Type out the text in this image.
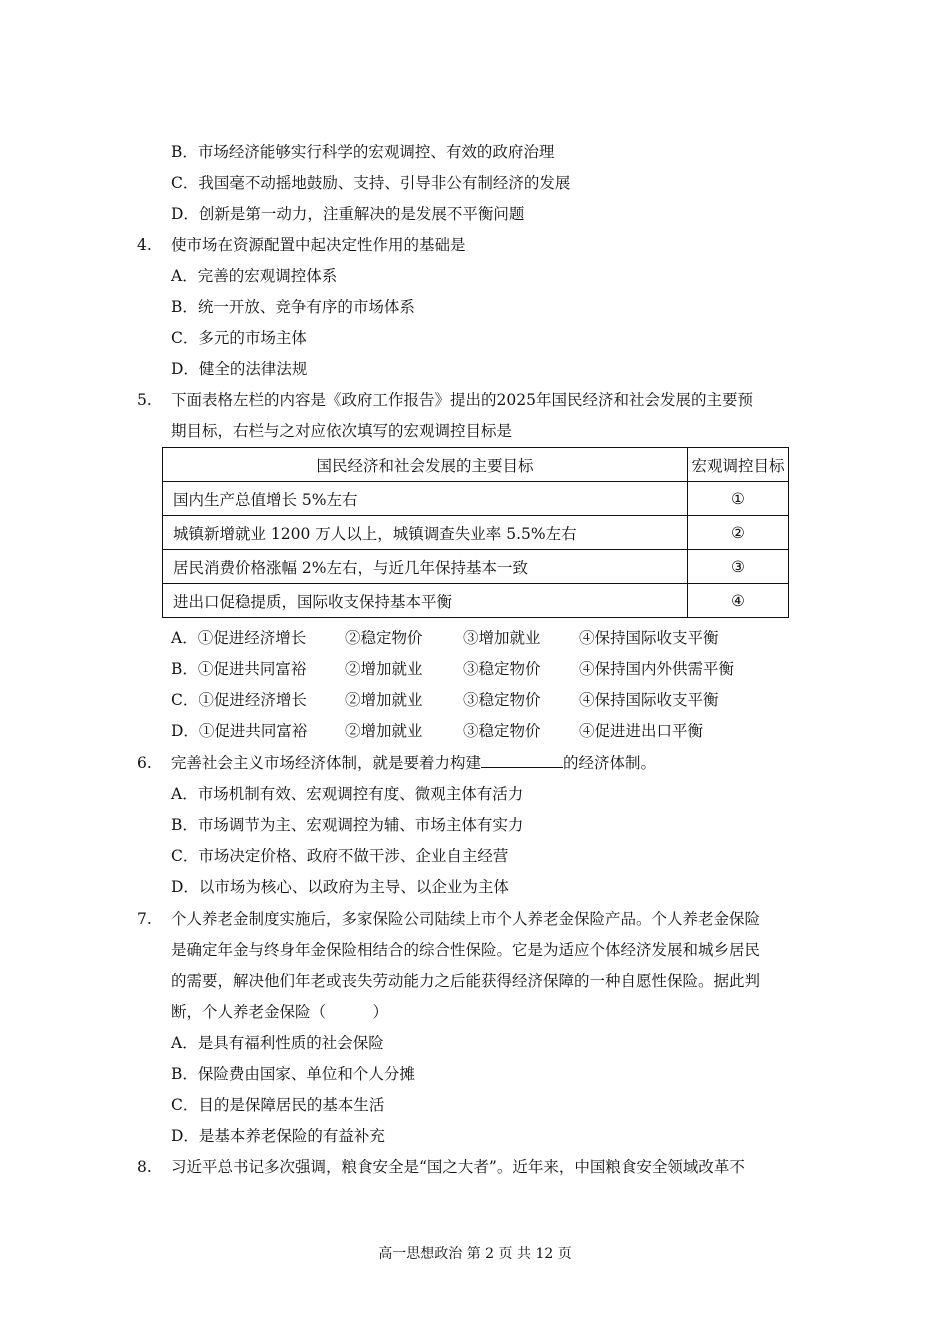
B．市场经济能够实行科学的宏观调控、有效的政府治理
C．我国毫不动摇地鼓励、支持、引导非公有制经济的发展
D．创新是第一动力，注重解决的是发展不平衡问题
4. 使市场在资源配置中起决定性作用的基础是
A．完善的宏观调控体系
B．统一开放、竞争有序的市场体系
C．多元的市场主体
D．健全的法律法规
5. 下面表格左栏的内容是《政府工作报告》提出的2025年国民经济和社会发展的主要预
期目标，右栏与之对应依次填写的宏观调控目标是
国民经济和社会发展的主要目标	宏观调控目标
国内生产总值增长 5%左右	①
城镇新增就业 1200 万人以上，城镇调查失业率 5.5%左右	②
居民消费价格涨幅 2%左右，与近几年保持基本一致	③
进出口促稳提质，国际收支保持基本平衡	④
A．①促进经济增长	②稳定物价	③增加就业 ④保持国际收支平衡
B．①促进共同富裕 ②增加就业	③稳定物价 ④保持国内外供需平衡
C．①促进经济增长 ②增加就业	③稳定物价 ④保持国际收支平衡
D．①促进共同富裕 ②增加就业	③稳定物价 ④促进进出口平衡
6. 完善社会主义市场经济体制，就是要着力构建	的经济体制。
A．市场机制有效、宏观调控有度、微观主体有活力
B．市场调节为主、宏观调控为辅、市场主体有实力
C．市场决定价格、政府不做干涉、企业自主经营
D．以市场为核心、以政府为主导、以企业为主体
7. 个人养老金制度实施后，多家保险公司陆续上市个人养老金保险产品。个人养老金保险
是确定年金与终身年金保险相结合的综合性保险。它是为适应个体经济发展和城乡居民
的需要，解决他们年老或丧失劳动能力之后能获得经济保障的一种自愿性保险。据此判
断，个人养老金保险（　　　）
A．是具有福利性质的社会保险
B．保险费由国家、单位和个人分摊
C．目的是保障居民的基本生活
D．是基本养老保险的有益补充
8. 习近平总书记多次强调，粮食安全是“国之大者”。近年来，中国粮食安全领域改革不
高一思想政治 第 2 页 共 12 页
